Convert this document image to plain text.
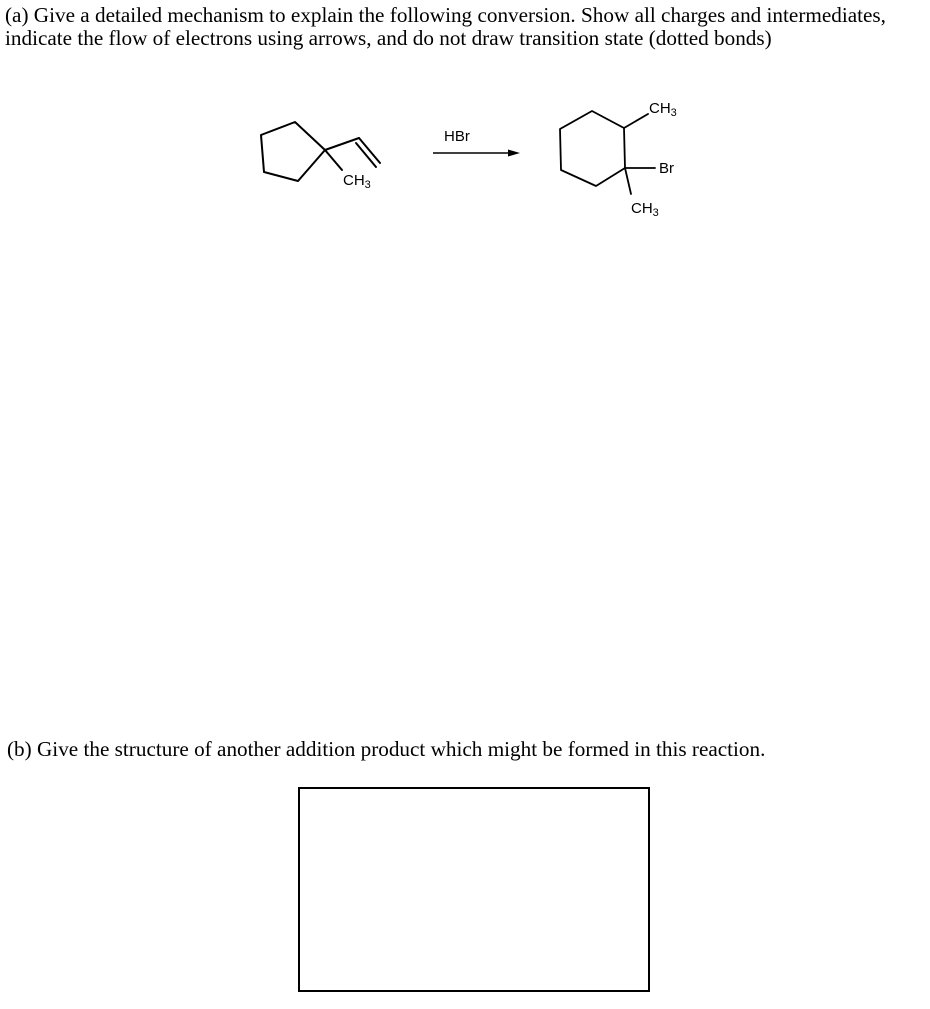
(a) Give a detailed mechanism to explain the following conversion. Show all charges and intermediates, indicate the flow of electrons using arrows, and do not draw transition state (dotted bonds)

$CH_3$
HBr
$CH_3$
Br
$CH_3$

(b) Give the structure of another addition product which might be formed in this reaction.
